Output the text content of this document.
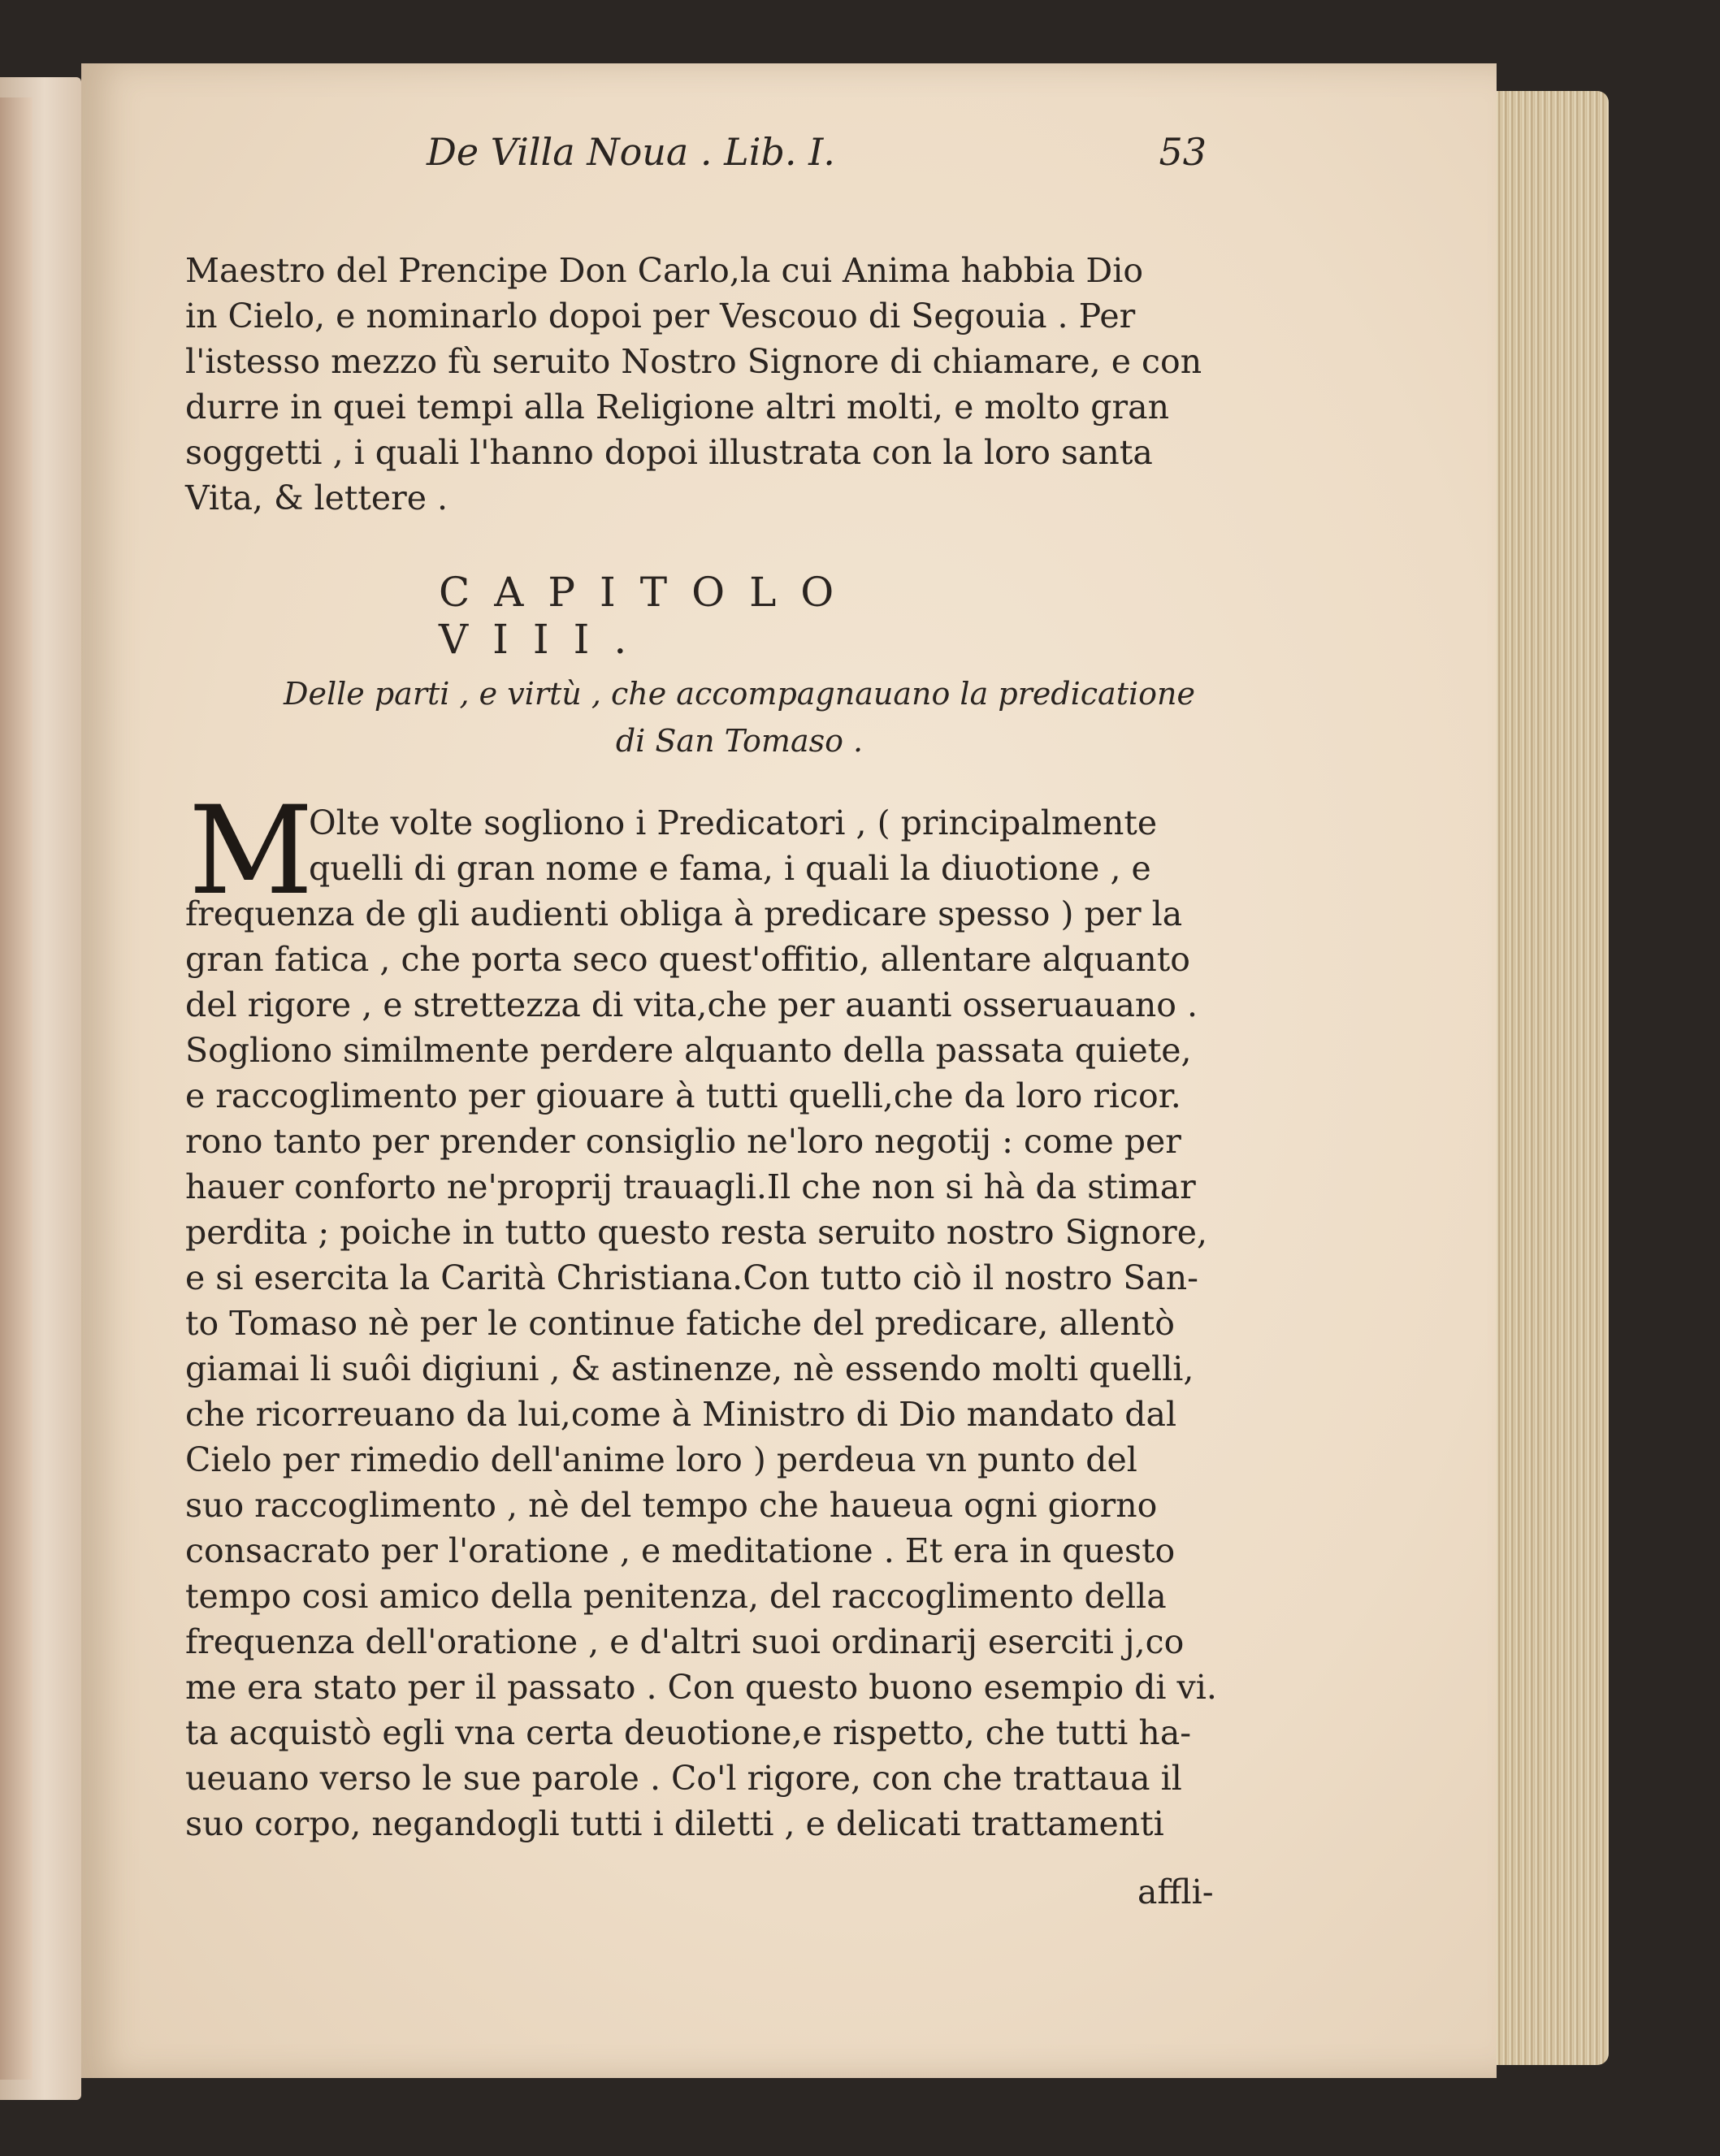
De Villa Noua . Lib. I.	53
Maestro del Prencipe Don Carlo,la cui Anima habbia Dio
in Cielo, e nominarlo dopoi per Vescouo di Segouia . Per
l'istesso mezzo fù seruito Nostro Signore di chiamare, e con
durre in quei tempi alla Religione altri molti, e molto gran
soggetti , i quali l'hanno dopoi illustrata con la loro santa
Vita, & lettere .
CAPITOLO VIII.
Delle parti , e virtù , che accompagnauano la predicatione
di San Tomaso .
M
Olte volte sogliono i Predicatori , ( principalmente
quelli di gran nome e fama, i quali la diuotione , e
frequenza de gli audienti obliga à predicare spesso ) per la
gran fatica , che porta seco quest'offitio, allentare alquanto
del rigore , e strettezza di vita,che per auanti osseruauano .
Sogliono similmente perdere alquanto della passata quiete,
e raccoglimento per giouare à tutti quelli,che da loro ricor.
rono tanto per prender consiglio ne'loro negotij : come per
hauer conforto ne'proprij trauagli.Il che non si hà da stimar
perdita ; poiche in tutto questo resta seruito nostro Signore,
e si esercita la Carità Christiana.Con tutto ciò il nostro San-
to Tomaso nè per le continue fatiche del predicare, allentò
giamai li suôi digiuni , & astinenze, nè essendo molti quelli,
che ricorreuano da lui,come à Ministro di Dio mandato dal
Cielo per rimedio dell'anime loro ) perdeua vn punto del
suo raccoglimento , nè del tempo che haueua ogni giorno
consacrato per l'oratione , e meditatione . Et era in questo
tempo cosi amico della penitenza, del raccoglimento della
frequenza dell'oratione , e d'altri suoi ordinarij eserciti j,co
me era stato per il passato . Con questo buono esempio di vi.
ta acquistò egli vna certa deuotione,e rispetto, che tutti ha-
ueuano verso le sue parole . Co'l rigore, con che trattaua il
suo corpo, negandogli tutti i diletti , e delicati trattamenti
affli-
